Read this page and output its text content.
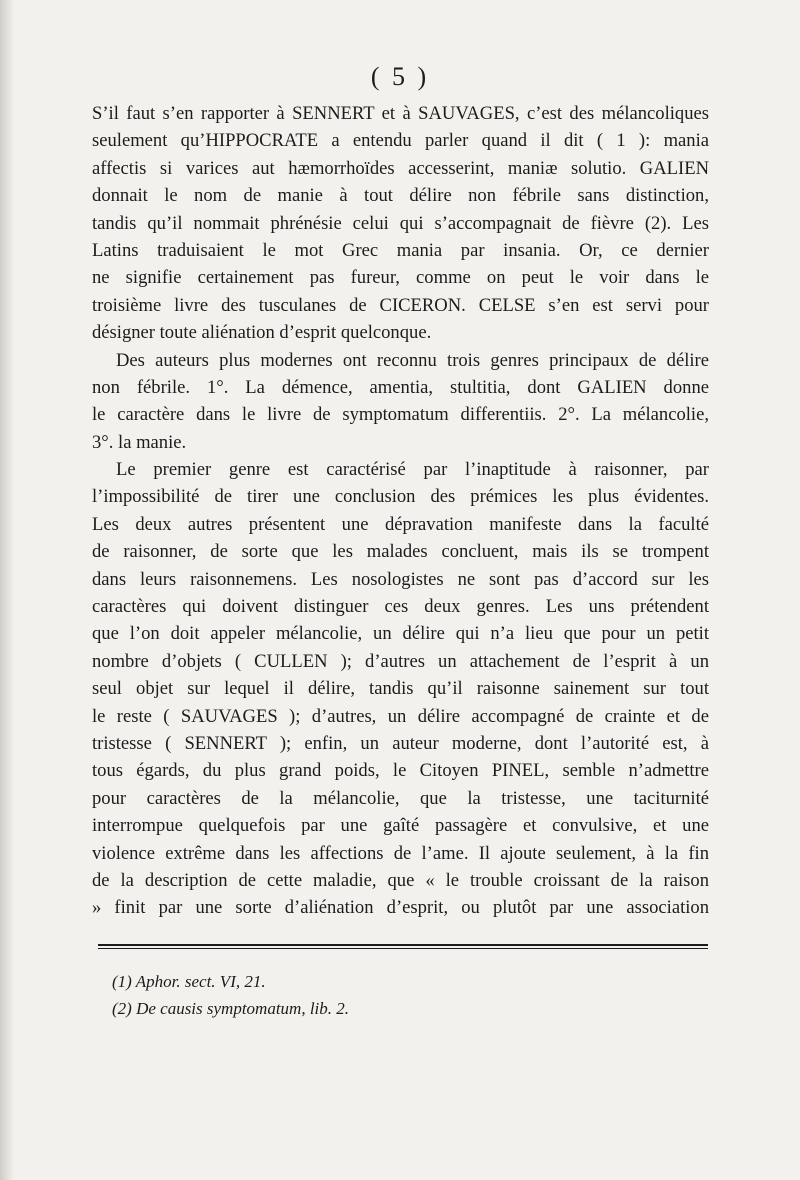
( 5 )
S’il faut s’en rapporter à SENNERT et à SAUVAGES, c’est des mélancoliques
seulement qu’HIPPOCRATE a entendu parler quand il dit ( 1 ): mania
affectis si varices aut hæmorrhoïdes accesserint, maniæ solutio. GALIEN
donnait le nom de manie à tout délire non fébrile sans distinction,
tandis qu’il nommait phrénésie celui qui s’accompagnait de fièvre (2). Les
Latins traduisaient le mot Grec mania par insania. Or, ce dernier
ne signifie certainement pas fureur, comme on peut le voir dans le
troisième livre des tusculanes de CICERON. CELSE s’en est servi pour
désigner toute aliénation d’esprit quelconque.
Des auteurs plus modernes ont reconnu trois genres principaux de délire
non fébrile. 1°. La démence, amentia, stultitia, dont GALIEN donne
le caractère dans le livre de symptomatum differentiis. 2°. La mélancolie,
3°. la manie.
Le premier genre est caractérisé par l’inaptitude à raisonner, par
l’impossibilité de tirer une conclusion des prémices les plus évidentes.
Les deux autres présentent une dépravation manifeste dans la faculté
de raisonner, de sorte que les malades concluent, mais ils se trompent
dans leurs raisonnemens. Les nosologistes ne sont pas d’accord sur les
caractères qui doivent distinguer ces deux genres. Les uns prétendent
que l’on doit appeler mélancolie, un délire qui n’a lieu que pour un petit
nombre d’objets ( CULLEN ); d’autres un attachement de l’esprit à un
seul objet sur lequel il délire, tandis qu’il raisonne sainement sur tout
le reste ( SAUVAGES ); d’autres, un délire accompagné de crainte et de
tristesse ( SENNERT ); enfin, un auteur moderne, dont l’autorité est, à
tous égards, du plus grand poids, le Citoyen PINEL, semble n’admettre
pour caractères de la mélancolie, que la tristesse, une taciturnité
interrompue quelquefois par une gaîté passagère et convulsive, et une
violence extrême dans les affections de l’ame. Il ajoute seulement, à la fin
de la description de cette maladie, que « le trouble croissant de la raison
» finit par une sorte d’aliénation d’esprit, ou plutôt par une association
(1) Aphor. sect. VI, 21.
(2) De causis symptomatum, lib. 2.
